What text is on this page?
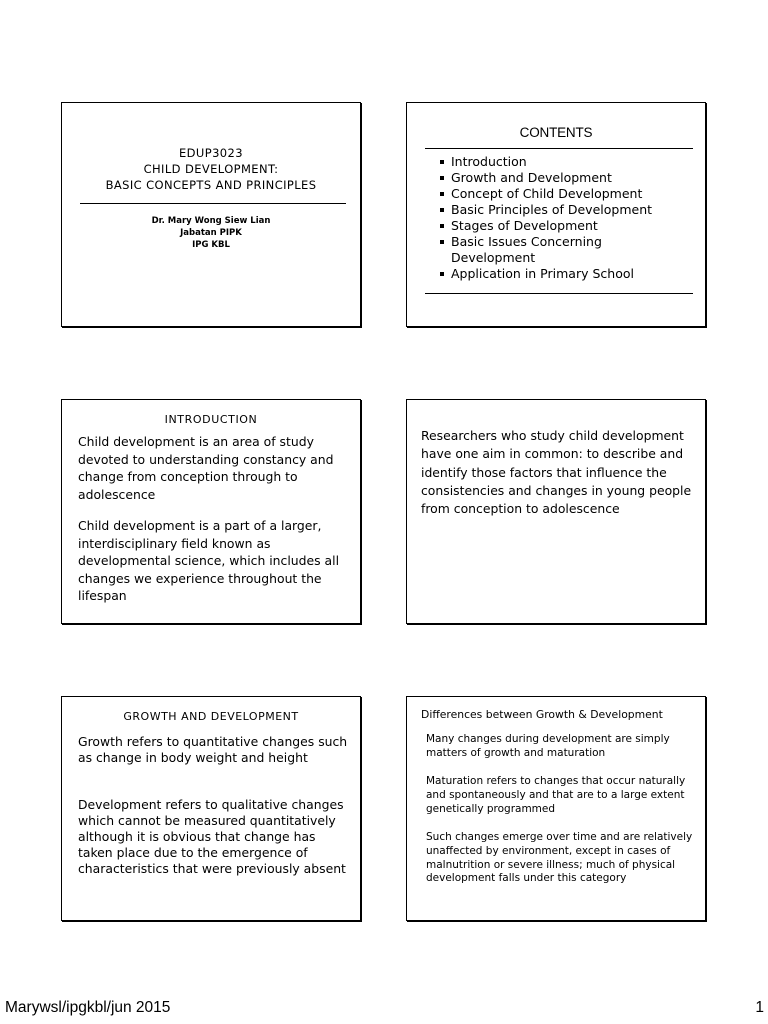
EDUP3023
CHILD DEVELOPMENT:
BASIC CONCEPTS AND PRINCIPLES
Dr. Mary Wong Siew Lian
Jabatan PIPK
IPG KBL
CONTENTS
Introduction
Growth and Development
Concept of Child Development
Basic Principles of Development
Stages of Development
Basic Issues Concerning Development
Application in Primary School
INTRODUCTION

Child development is an area of study devoted to understanding constancy and change from conception through to adolescence

Child development is a part of a larger, interdisciplinary field known as developmental science, which includes all changes we experience throughout the lifespan

Researchers who study child development have one aim in common: to describe and identify those factors that influence the consistencies and changes in young people from conception to adolescence

GROWTH AND DEVELOPMENT

Growth refers to quantitative changes such as change in body weight and height

Development refers to qualitative changes which cannot be measured quantitatively although it is obvious that change has taken place due to the emergence of characteristics that were previously absent

Differences between Growth & Development

Many changes during development are simply matters of growth and maturation

Maturation refers to changes that occur naturally and spontaneously and that are to a large extent genetically programmed

Such changes emerge over time and are relatively unaffected by environment, except in cases of malnutrition or severe illness; much of physical development falls under this category

Marywsl/ipgkbl/jun 2015	1
